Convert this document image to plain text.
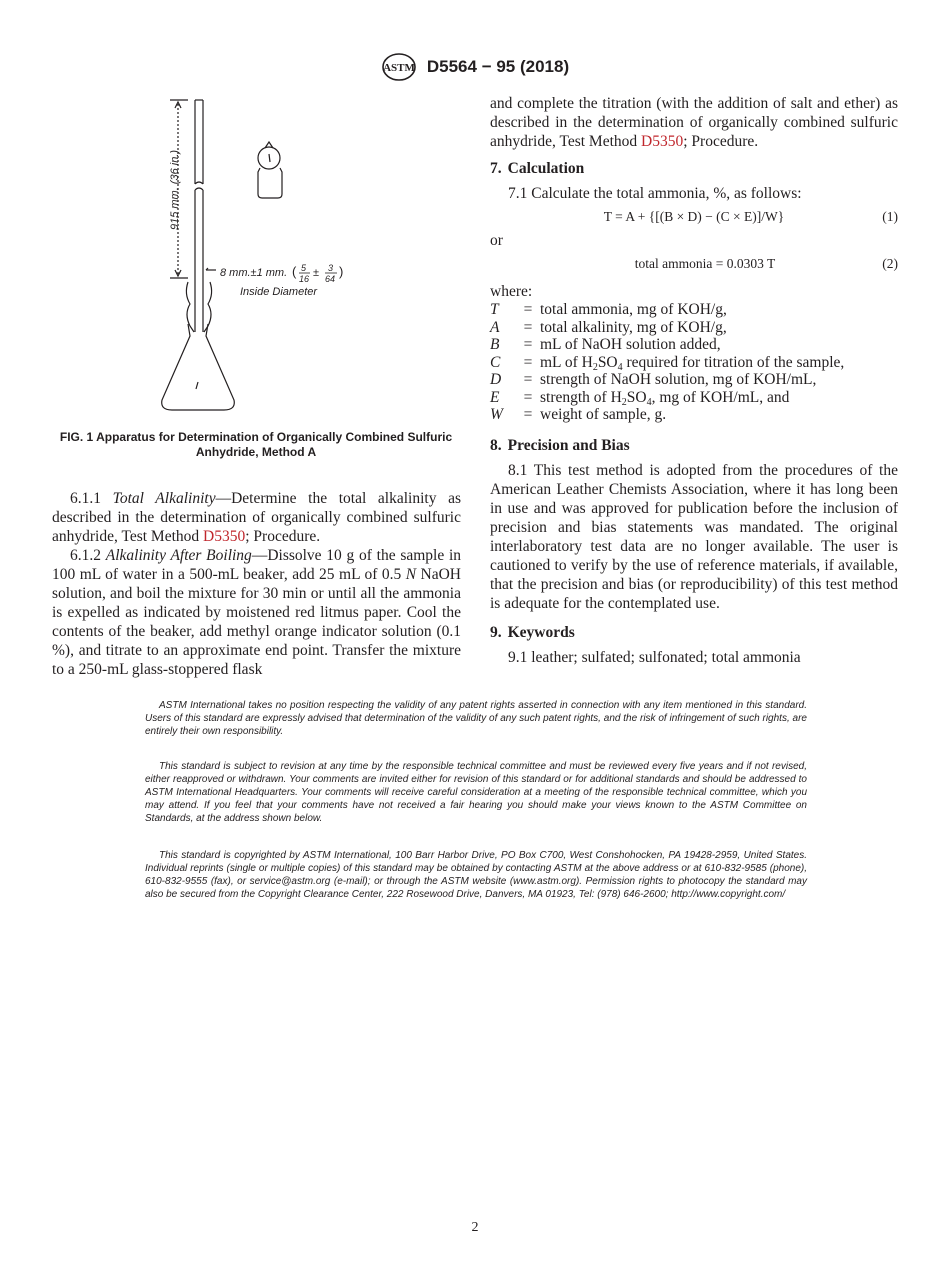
ASTM D5564 − 95 (2018)
915 mm. (36 in.)
8 mm.±1 mm. ( 5
16 ± 3
64 )
Inside Diameter
FIG. 1 Apparatus for Determination of Organically Combined Sulfuric Anhydride, Method A

6.1.1 Total Alkalinity—Determine the total alkalinity as described in the determination of organically combined sulfuric anhydride, Test Method D5350; Procedure.

6.1.2 Alkalinity After Boiling—Dissolve 10 g of the sample in 100 mL of water in a 500-mL beaker, add 25 mL of 0.5 N NaOH solution, and boil the mixture for 30 min or until all the ammonia is expelled as indicated by moistened red litmus paper. Cool the contents of the beaker, add methyl orange indicator solution (0.1 %), and titrate to an approximate end point. Transfer the mixture to a 250-mL glass-stoppered flask

and complete the titration (with the addition of salt and ether) as described in the determination of organically combined sulfuric anhydride, Test Method D5350; Procedure.

7. Calculation

7.1 Calculate the total ammonia, %, as follows:

T = A + {[(B × D) − (C × E)]/W}	(1)

or

total ammonia = 0.0303 T	(2)

where:

T	=	total ammonia, mg of KOH/g,
A	=	total alkalinity, mg of KOH/g,
B	=	mL of NaOH solution added,
C	=	mL of $H_2SO_4$ required for titration of the sample,
D	=	strength of NaOH solution, mg of KOH/mL,
E	=	strength of $H_2SO_4$, mg of KOH/mL, and
W	=	weight of sample, g.

8. Precision and Bias

8.1 This test method is adopted from the procedures of the American Leather Chemists Association, where it has long been in use and was approved for publication before the inclusion of precision and bias statements was mandated. The original interlaboratory test data are no longer available. The user is cautioned to verify by the use of reference materials, if available, that the precision and bias (or reproducibility) of this test method is adequate for the contemplated use.

9. Keywords

9.1 leather; sulfated; sulfonated; total ammonia

ASTM International takes no position respecting the validity of any patent rights asserted in connection with any item mentioned in this standard. Users of this standard are expressly advised that determination of the validity of any such patent rights, and the risk of infringement of such rights, are entirely their own responsibility.
This standard is subject to revision at any time by the responsible technical committee and must be reviewed every five years and if not revised, either reapproved or withdrawn. Your comments are invited either for revision of this standard or for additional standards and should be addressed to ASTM International Headquarters. Your comments will receive careful consideration at a meeting of the responsible technical committee, which you may attend. If you feel that your comments have not received a fair hearing you should make your views known to the ASTM Committee on Standards, at the address shown below.
This standard is copyrighted by ASTM International, 100 Barr Harbor Drive, PO Box C700, West Conshohocken, PA 19428-2959, United States. Individual reprints (single or multiple copies) of this standard may be obtained by contacting ASTM at the above address or at 610-832-9585 (phone), 610-832-9555 (fax), or service@astm.org (e-mail); or through the ASTM website (www.astm.org). Permission rights to photocopy the standard may also be secured from the Copyright Clearance Center, 222 Rosewood Drive, Danvers, MA 01923, Tel: (978) 646-2600; http://www.copyright.com/
2
